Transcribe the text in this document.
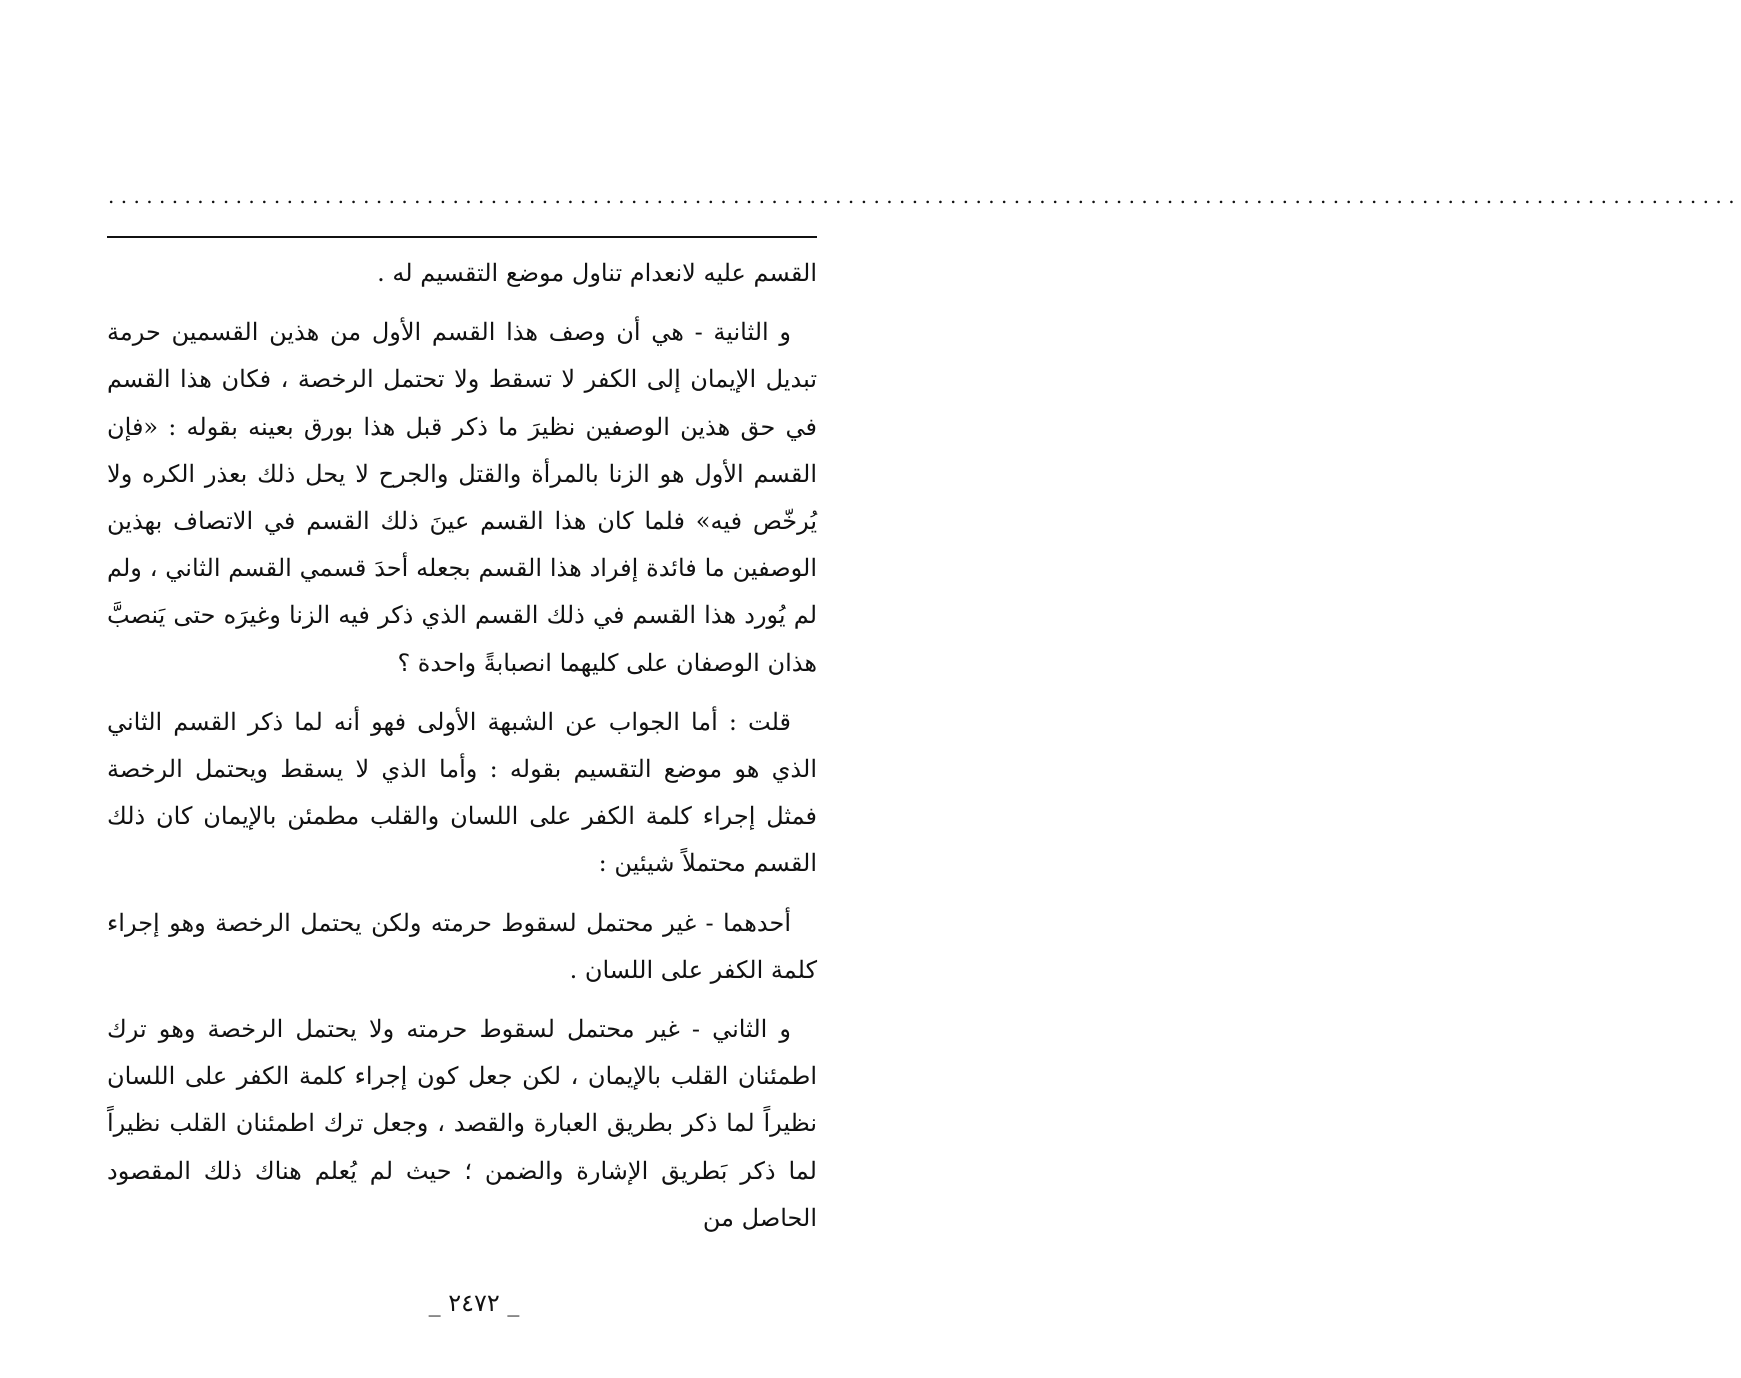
................................................................................................................................

القسم عليه لانعدام تناول موضع التقسيم له .

و الثانية - هي أن وصف هذا القسم الأول من هذين القسمين حرمة تبديل الإيمان إلى الكفر لا تسقط ولا تحتمل الرخصة ، فكان هذا القسم في حق هذين الوصفين نظيرَ ما ذكر قبل هذا بورق بعينه بقوله : «فإن القسم الأول هو الزنا بالمرأة والقتل والجرح لا يحل ذلك بعذر الكره ولا يُرخّص فيه» فلما كان هذا القسم عينَ ذلك القسم في الاتصاف بهذين الوصفين ما فائدة إفراد هذا القسم بجعله أحدَ قسمي القسم الثاني ، ولم لم يُورد هذا القسم في ذلك القسم الذي ذكر فيه الزنا وغيرَه حتى يَنصبَّ هذان الوصفان على كليهما انصبابةً واحدة ؟

قلت : أما الجواب عن الشبهة الأولى فهو أنه لما ذكر القسم الثاني الذي هو موضع التقسيم بقوله : وأما الذي لا يسقط ويحتمل الرخصة فمثل إجراء كلمة الكفر على اللسان والقلب مطمئن بالإيمان كان ذلك القسم محتملاً شيئين :

أحدهما - غير محتمل لسقوط حرمته ولكن يحتمل الرخصة وهو إجراء كلمة الكفر على اللسان .

و الثاني - غير محتمل لسقوط حرمته ولا يحتمل الرخصة وهو ترك اطمئنان القلب بالإيمان ، لكن جعل كون إجراء كلمة الكفر على اللسان نظيراً لما ذكر بطريق العبارة والقصد ، وجعل ترك اطمئنان القلب نظيراً لما ذكر بَطريق الإشارة والضمن ؛ حيث لم يُعلم هناك ذلك المقصود الحاصل من

_ ٢٤٧٢ _
